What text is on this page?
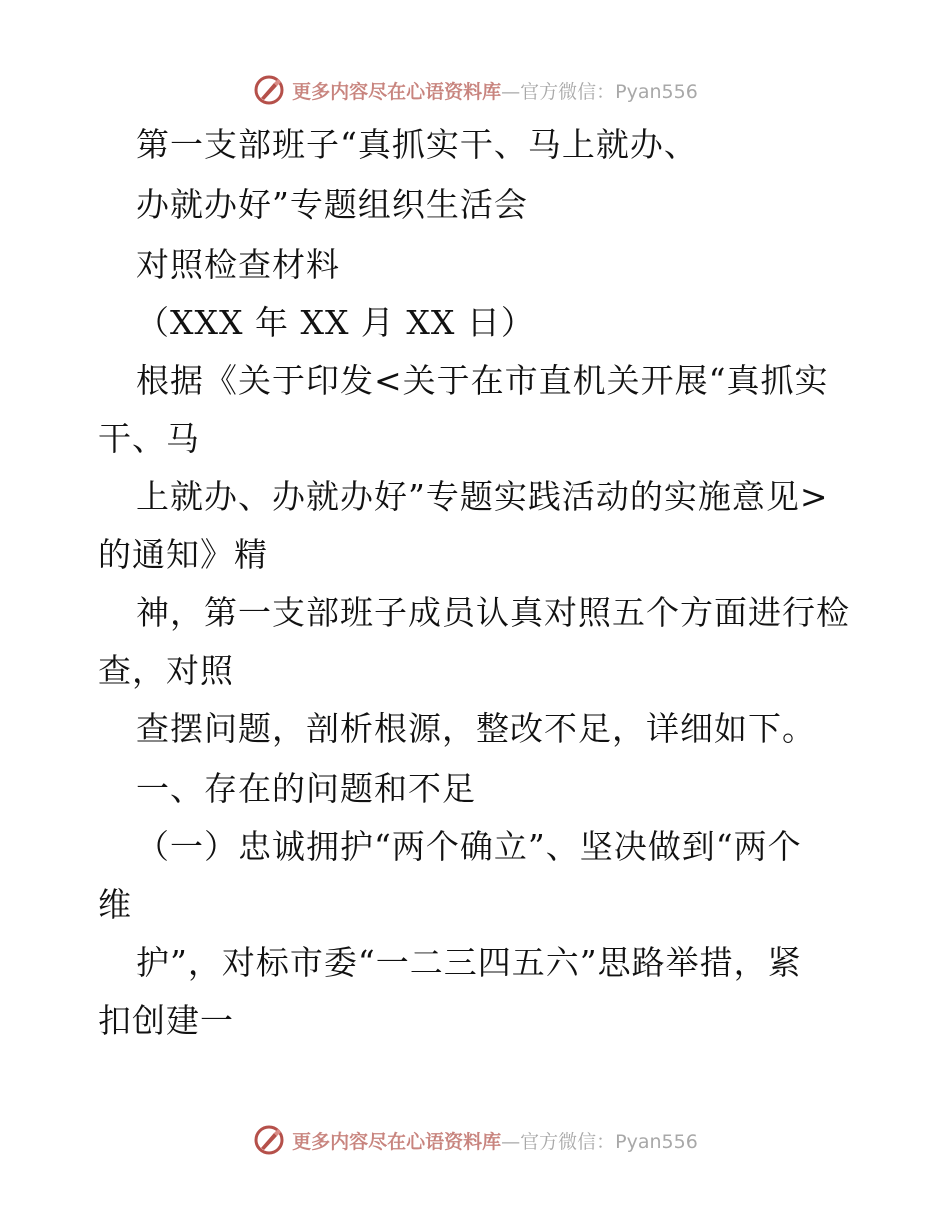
更多内容尽在心语资料库—官方微信：Pyan556
第一支部班子“真抓实干、马上就办、
办就办好”专题组织生活会
对照检查材料
（XXX 年 XX 月 XX 日）
根据《关于印发<关于在市直机关开展“真抓实
干、马
上就办、办就办好”专题实践活动的实施意见>
的通知》精
神，第一支部班子成员认真对照五个方面进行检
查，对照
查摆问题，剖析根源，整改不足，详细如下。
一、存在的问题和不足
（一）忠诚拥护“两个确立”、坚决做到“两个
维
护”，对标市委“一二三四五六”思路举措，紧
扣创建一
更多内容尽在心语资料库—官方微信：Pyan556
